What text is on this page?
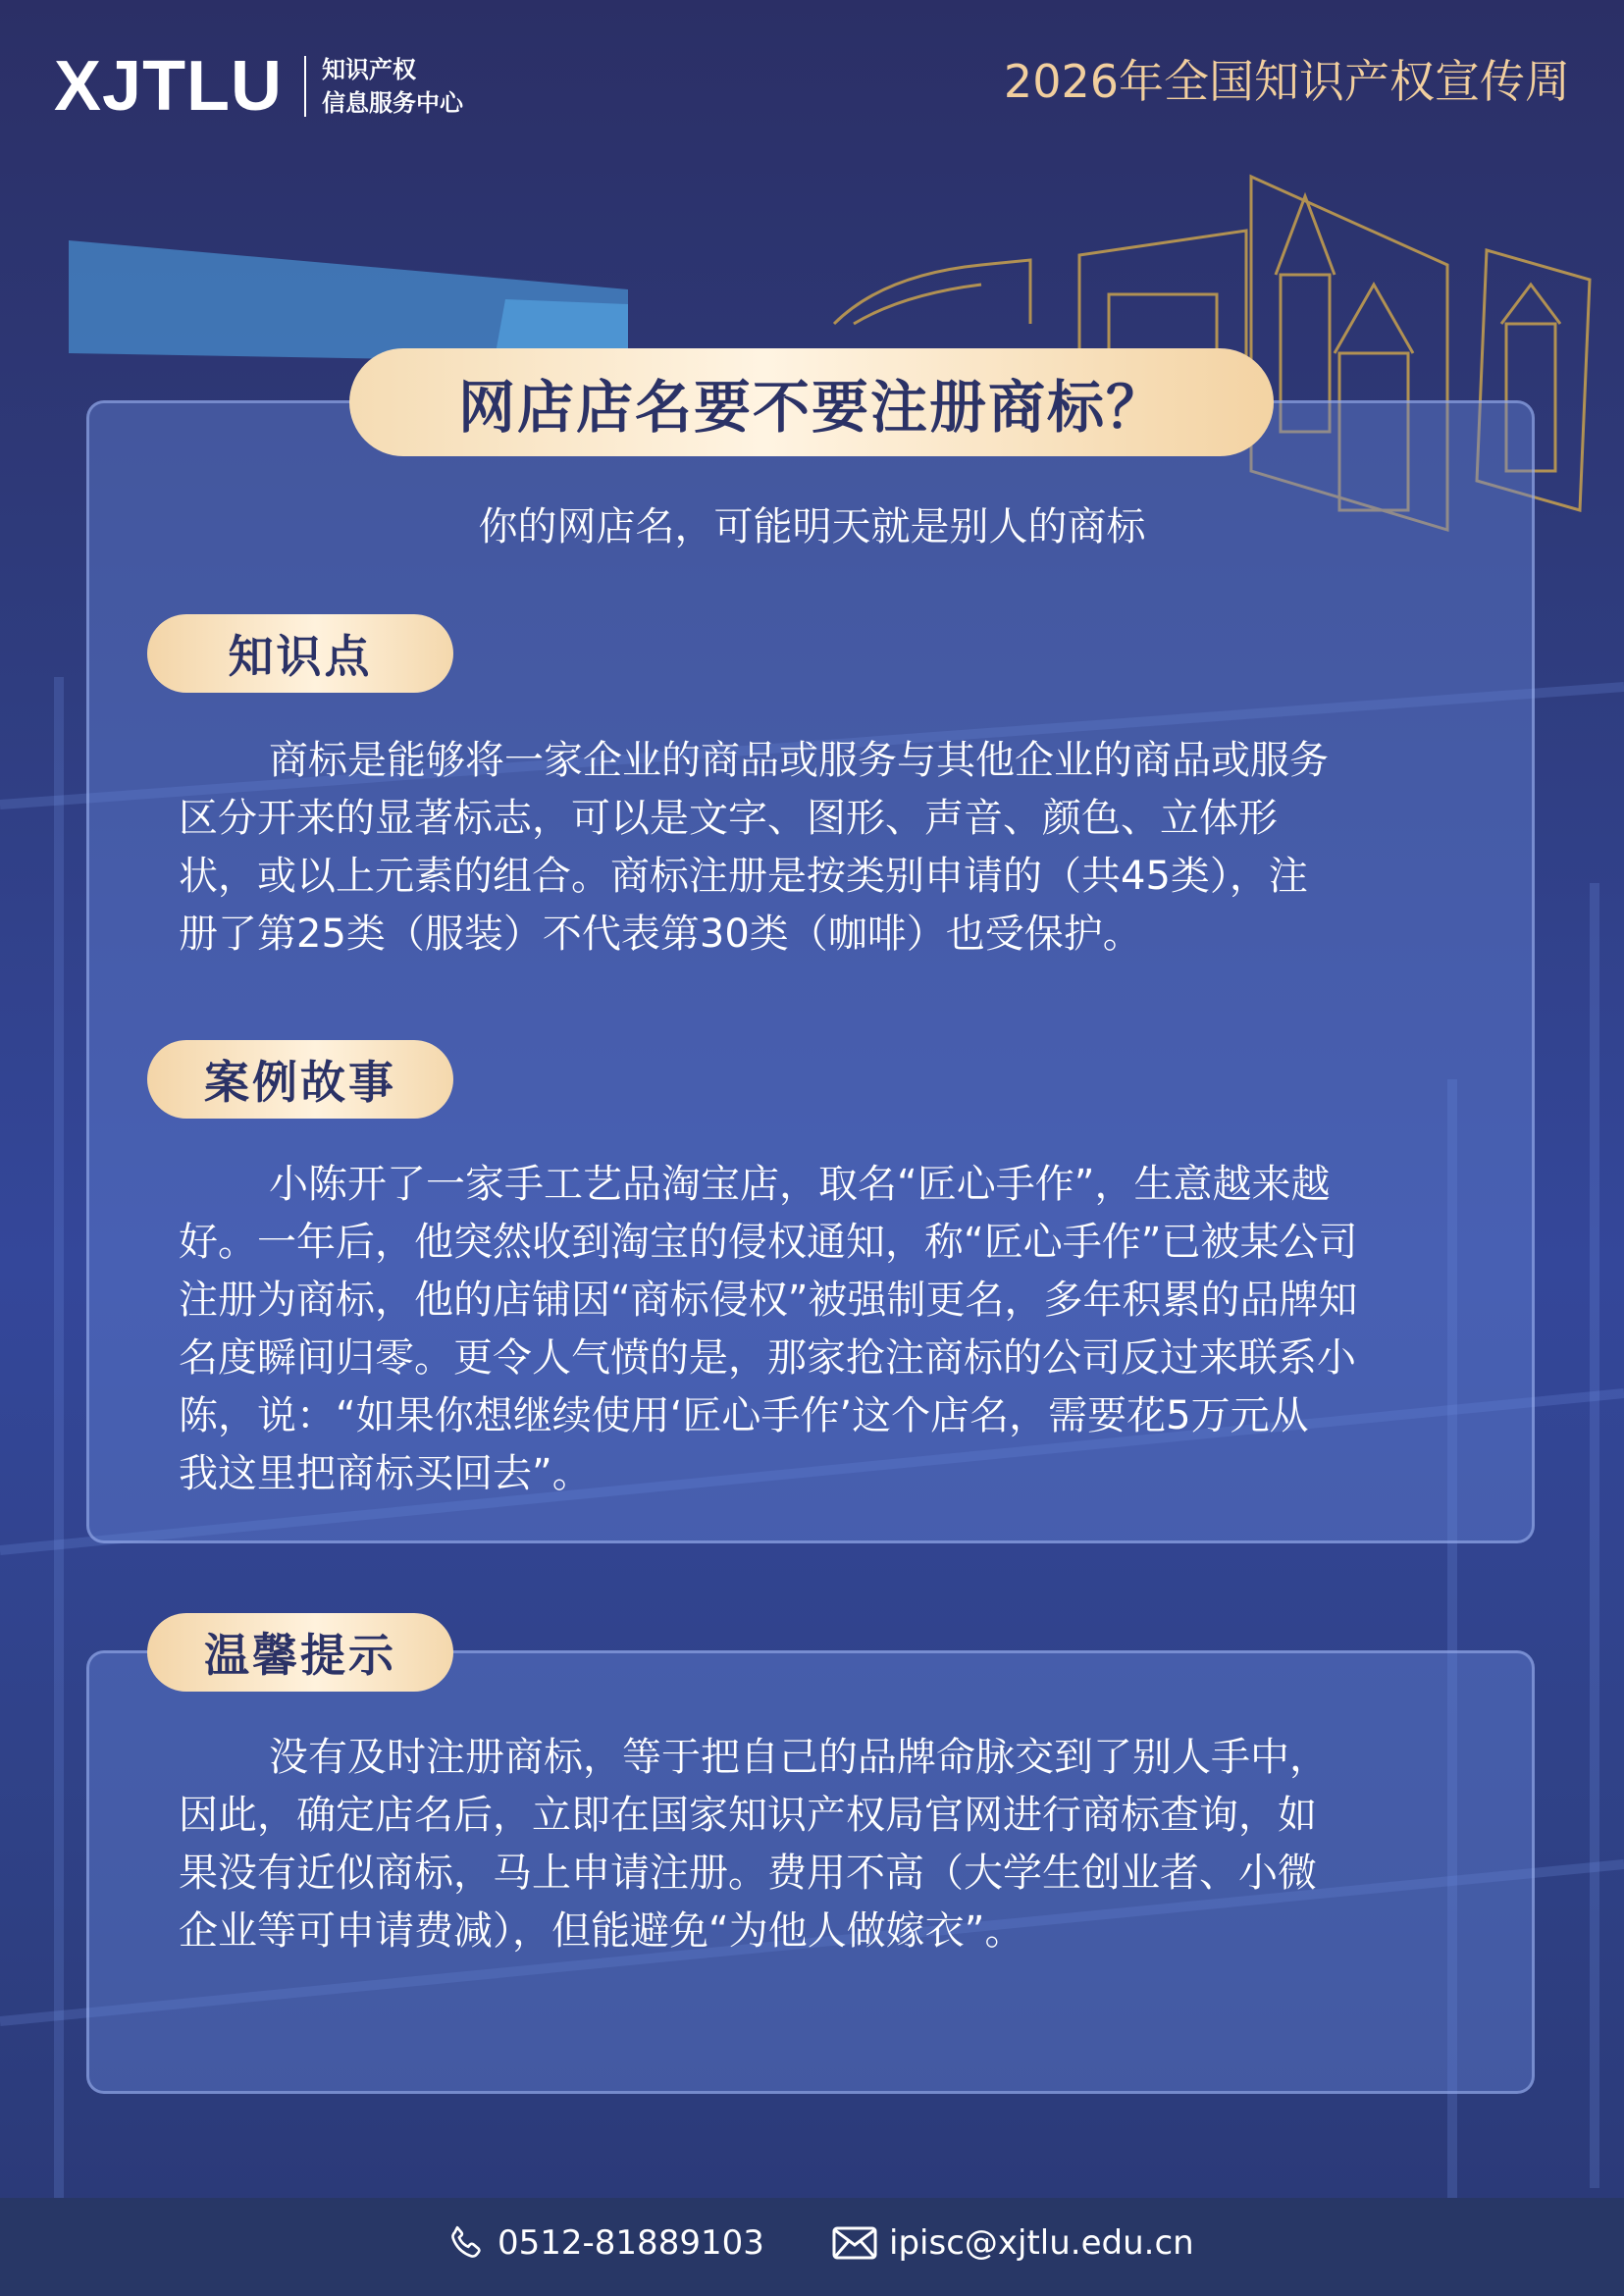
XJTLU 知识产权
信息服务中心	2026年全国知识产权宣传周
网店店名要不要注册商标？
你的网店名，可能明天就是别人的商标
知识点
商标是能够将一家企业的商品或服务与其他企业的商品或服务
区分开来的显著标志，可以是文字、图形、声音、颜色、立体形
状，或以上元素的组合。商标注册是按类别申请的（共45类），注
册了第25类（服装）不代表第30类（咖啡）也受保护。
案例故事
小陈开了一家手工艺品淘宝店，取名“匠心手作”，生意越来越
好。一年后，他突然收到淘宝的侵权通知，称“匠心手作”已被某公司
注册为商标，他的店铺因“商标侵权”被强制更名，多年积累的品牌知
名度瞬间归零。更令人气愤的是，那家抢注商标的公司反过来联系小
陈，说：“如果你想继续使用‘匠心手作’这个店名，需要花5万元从
我这里把商标买回去”。
温馨提示
没有及时注册商标，等于把自己的品牌命脉交到了别人手中，
因此，确定店名后，立即在国家知识产权局官网进行商标查询，如
果没有近似商标，马上申请注册。费用不高（大学生创业者、小微
企业等可申请费减），但能避免“为他人做嫁衣”。
0512-81889103	ipisc@xjtlu.edu.cn
